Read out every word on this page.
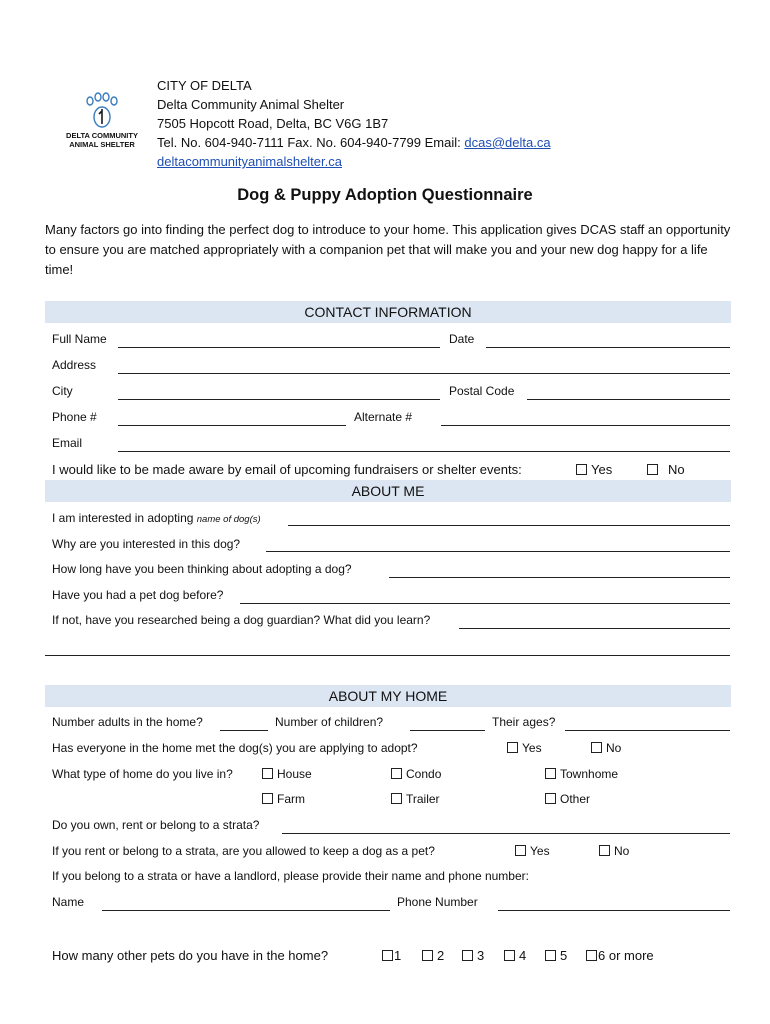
DELTA COMMUNITY
ANIMAL SHELTER
CITY OF DELTA
Delta Community Animal Shelter
7505 Hopcott Road, Delta, BC V6G 1B7
Tel. No. 604-940-7111 Fax. No. 604-940-7799 Email: dcas@delta.ca
deltacommunityanimalshelter.ca
Dog & Puppy Adoption Questionnaire
Many factors go into finding the perfect dog to introduce to your home. This application gives DCAS staff an opportunity to ensure you are matched appropriately with a companion pet that will make you and your new dog happy for a life time!
CONTACT INFORMATION
Full Name	Date
Address
City	Postal Code
Phone #	Alternate #
Email
I would like to be made aware by email of upcoming fundraisers or shelter events:	Yes	No
ABOUT ME
I am interested in adopting name of dog(s)
Why are you interested in this dog?
How long have you been thinking about adopting a dog?
Have you had a pet dog before?
If not, have you researched being a dog guardian? What did you learn?
ABOUT MY HOME
Number adults in the home?	Number of children?	Their ages?
Has everyone in the home met the dog(s) you are applying to adopt?	Yes	No
What type of home do you live in?	House	Condo	Townhome
Farm	Trailer	Other
Do you own, rent or belong to a strata?
If you rent or belong to a strata, are you allowed to keep a dog as a pet?	Yes	No
If you belong to a strata or have a landlord, please provide their name and phone number:
Name	Phone Number
How many other pets do you have in the home?	1	2	3	4	5	6 or more
